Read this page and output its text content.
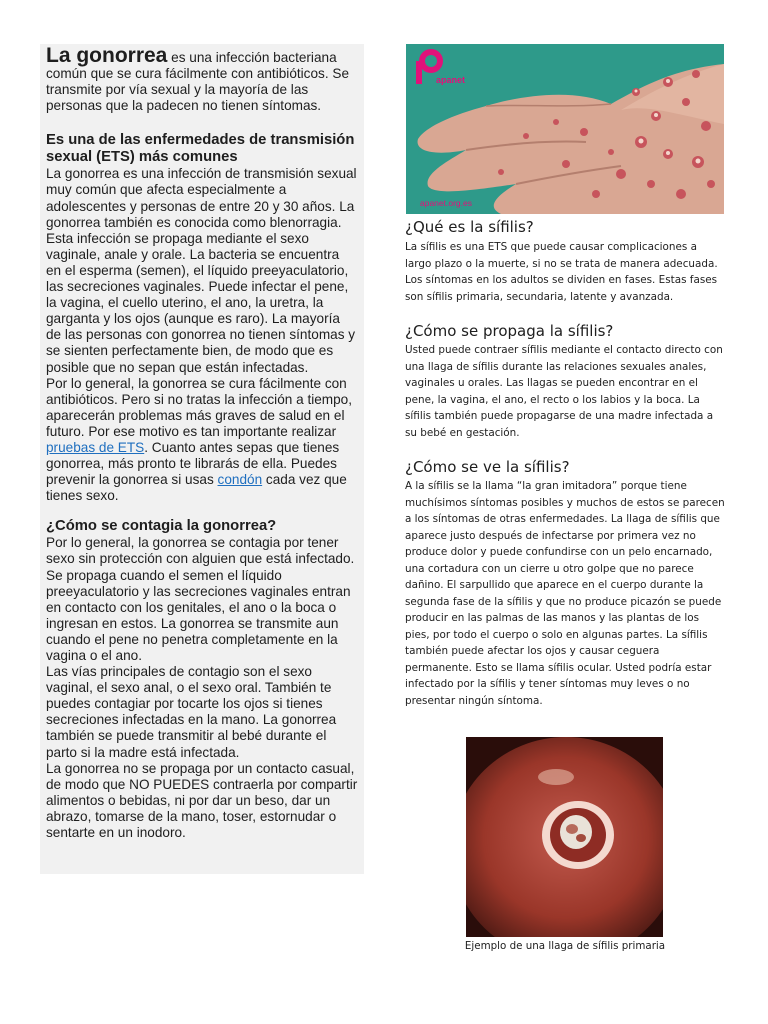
La gonorrea es una infección bacteriana común que se cura fácilmente con antibióticos. Se transmite por vía sexual y la mayoría de las personas que la padecen no tienen síntomas.

Es una de las enfermedades de transmisión sexual (ETS) más comunes

La gonorrea es una infección de transmisión sexual muy común que afecta especialmente a adolescentes y personas de entre 20 y 30 años. La gonorrea también es conocida como blenorragia. Esta infección se propaga mediante el sexo vaginale, anale y orale. La bacteria se encuentra en el esperma (semen), el líquido preeyaculatorio, las secreciones vaginales. Puede infectar el pene, la vagina, el cuello uterino, el ano, la uretra, la garganta y los ojos (aunque es raro). La mayoría de las personas con gonorrea no tienen síntomas y se sienten perfectamente bien, de modo que es posible que no sepan que están infectadas.

Por lo general, la gonorrea se cura fácilmente con antibióticos. Pero si no tratas la infección a tiempo, aparecerán problemas más graves de salud en el futuro. Por ese motivo es tan importante realizar pruebas de ETS. Cuanto antes sepas que tienes gonorrea, más pronto te librarás de ella. Puedes prevenir la gonorrea si usas condón cada vez que tienes sexo.

¿Cómo se contagia la gonorrea?

Por lo general, la gonorrea se contagia por tener sexo sin protección con alguien que está infectado. Se propaga cuando el semen el líquido preeyaculatorio y las secreciones vaginales entran en contacto con los genitales, el ano o la boca o ingresan en estos. La gonorrea se transmite aun cuando el pene no penetra completamente en la vagina o el ano.

Las vías principales de contagio son el sexo vaginal, el sexo anal, o el sexo oral. También te puedes contagiar por tocarte los ojos si tienes secreciones infectadas en la mano. La gonorrea también se puede transmitir al bebé durante el parto si la madre está infectada.

La gonorrea no se propaga por un contacto casual, de modo que NO PUEDES contraerla por compartir alimentos o bebidas, ni por dar un beso, dar un abrazo, tomarse de la mano, toser, estornudar o sentarte en un inodoro.

apanet
apanet.org.es

¿Qué es la sífilis?

La sífilis es una ETS que puede causar complicaciones a largo plazo o la muerte, si no se trata de manera adecuada. Los síntomas en los adultos se dividen en fases. Estas fases son sífilis primaria, secundaria, latente y avanzada.

¿Cómo se propaga la sífilis?

Usted puede contraer sífilis mediante el contacto directo con una llaga de sífilis durante las relaciones sexuales anales, vaginales u orales. Las llagas se pueden encontrar en el pene, la vagina, el ano, el recto o los labios y la boca. La sífilis también puede propagarse de una madre infectada a su bebé en gestación.

¿Cómo se ve la sífilis?

A la sífilis se la llama “la gran imitadora” porque tiene muchísimos síntomas posibles y muchos de estos se parecen a los síntomas de otras enfermedades. La llaga de sífilis que aparece justo después de infectarse por primera vez no produce dolor y puede confundirse con un pelo encarnado, una cortadura con un cierre u otro golpe que no parece dañino. El sarpullido que aparece en el cuerpo durante la segunda fase de la sífilis y que no produce picazón se puede producir en las palmas de las manos y las plantas de los pies, por todo el cuerpo o solo en algunas partes. La sífilis también puede afectar los ojos y causar ceguera permanente. Esto se llama sífilis ocular. Usted podría estar infectado por la sífilis y tener síntomas muy leves o no presentar ningún síntoma.

Ejemplo de una llaga de sífilis primaria
